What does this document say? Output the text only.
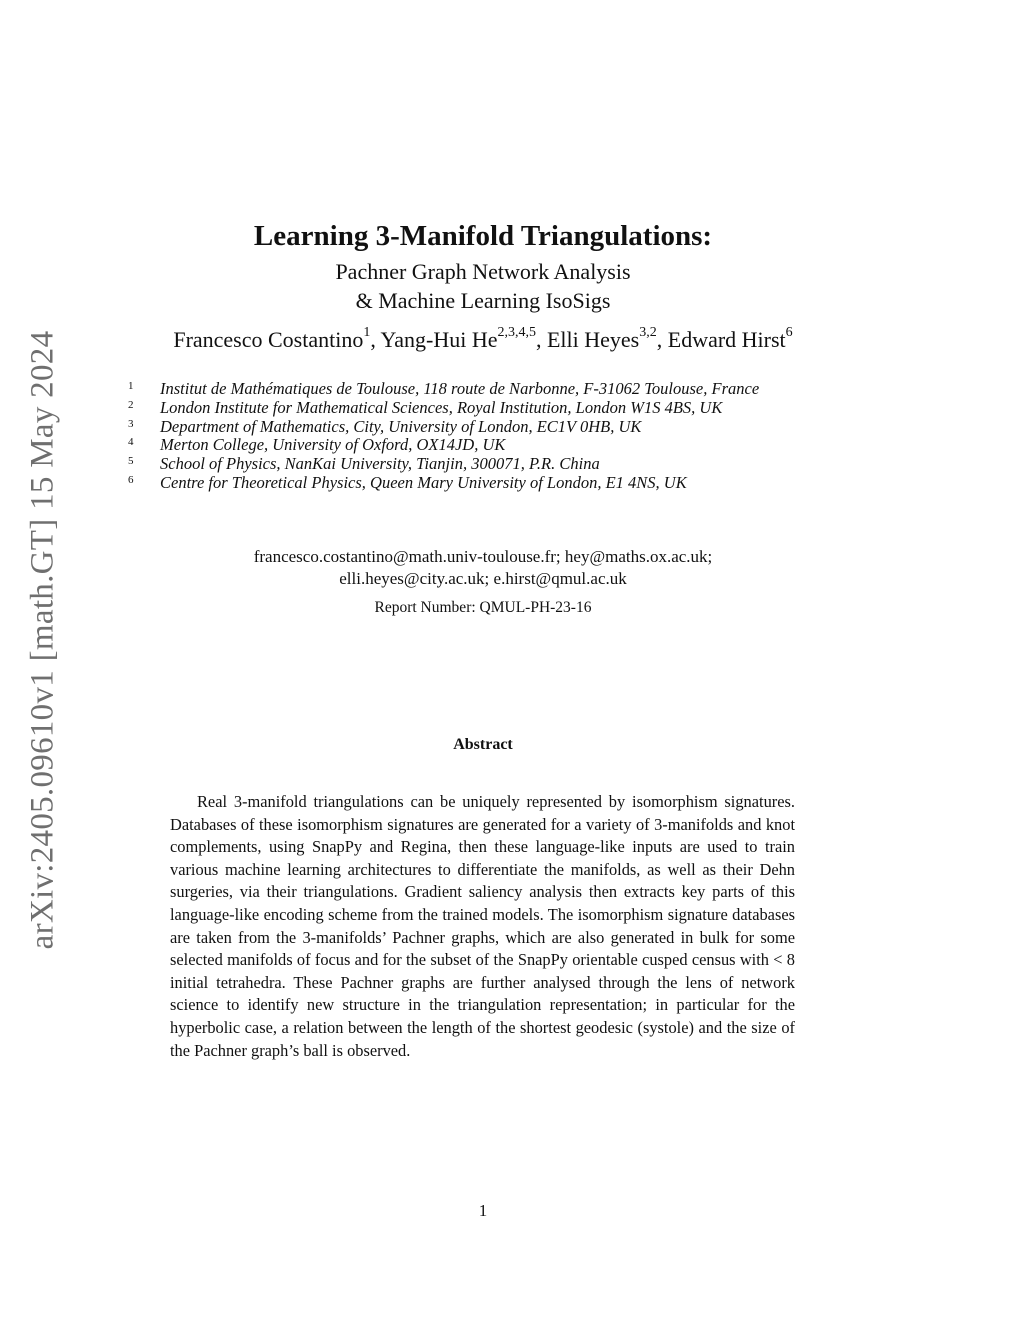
arXiv:2405.09610v1 [math.GT] 15 May 2024
Learning 3-Manifold Triangulations:
Pachner Graph Network Analysis
& Machine Learning IsoSigs
Francesco Costantino$^1$, Yang-Hui He$^{2,3,4,5}$, Elli Heyes$^{3,2}$, Edward Hirst$^6$
1 Institut de Mathématiques de Toulouse, 118 route de Narbonne, F-31062 Toulouse, France
2 London Institute for Mathematical Sciences, Royal Institution, London W1S 4BS, UK
3 Department of Mathematics, City, University of London, EC1V 0HB, UK
4 Merton College, University of Oxford, OX14JD, UK
5 School of Physics, NanKai University, Tianjin, 300071, P.R. China
6 Centre for Theoretical Physics, Queen Mary University of London, E1 4NS, UK
francesco.costantino@math.univ-toulouse.fr; hey@maths.ox.ac.uk;
elli.heyes@city.ac.uk; e.hirst@qmul.ac.uk
Report Number: QMUL-PH-23-16
Abstract

Real 3-manifold triangulations can be uniquely represented by isomorphism signatures. Databases of these isomorphism signatures are generated for a variety of 3-manifolds and knot complements, using SnapPy and Regina, then these language-like inputs are used to train various machine learning architectures to differentiate the manifolds, as well as their Dehn surgeries, via their triangulations. Gradient saliency analysis then extracts key parts of this language-like encoding scheme from the trained models. The isomorphism signature databases are taken from the 3-manifolds’ Pachner graphs, which are also generated in bulk for some selected manifolds of focus and for the subset of the SnapPy orientable cusped census with < 8 initial tetrahedra. These Pachner graphs are further analysed through the lens of network science to identify new structure in the triangulation representation; in particular for the hyperbolic case, a relation between the length of the shortest geodesic (systole) and the size of the Pachner graph’s ball is observed.

1
